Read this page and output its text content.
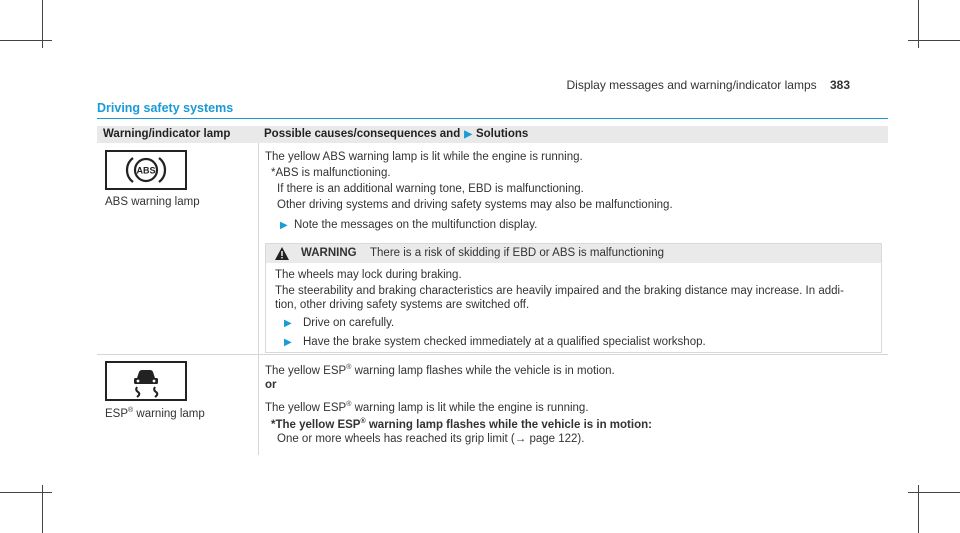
Display messages and warning/indicator lamps 383
Driving safety systems
Warning/indicator lamp	Possible causes/consequences and ▶ Solutions
ABS
ABS warning lamp
The yellow ABS warning lamp is lit while the engine is running.
*ABS is malfunctioning.
If there is an additional warning tone, EBD is malfunctioning.
Other driving systems and driving safety systems may also be malfunctioning.
▶ Note the messages on the multifunction display.
WARNING There is a risk of skidding if EBD or ABS is malfunctioning
The wheels may lock during braking.
The steerability and braking characteristics are heavily impaired and the braking distance may increase. In addi-
tion, other driving safety systems are switched off.
▶ Drive on carefully.
▶ Have the brake system checked immediately at a qualified specialist workshop.
ESP® warning lamp
The yellow ESP® warning lamp flashes while the vehicle is in motion.
or
The yellow ESP® warning lamp is lit while the engine is running.
*The yellow ESP® warning lamp flashes while the vehicle is in motion:
One or more wheels has reached its grip limit (→ page 122).
